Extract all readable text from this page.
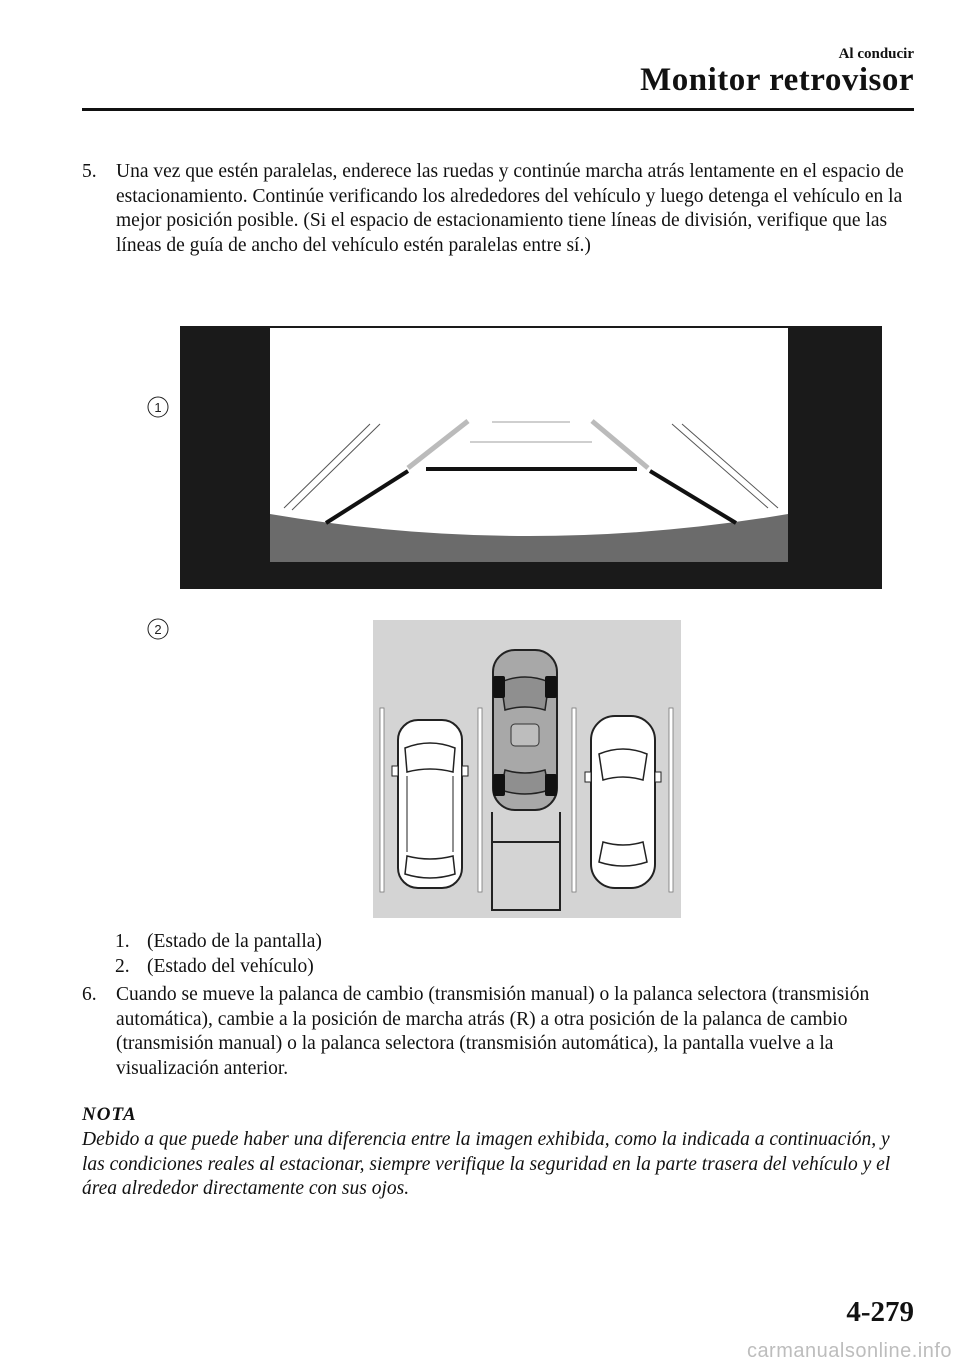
Al conducir
Monitor retrovisor
5. Una vez que estén paralelas, enderece las ruedas y continúe marcha atrás lentamente en el espacio de estacionamiento. Continúe verificando los alrededores del vehículo y luego detenga el vehículo en la mejor posición posible. (Si el espacio de estacionamiento tiene líneas de división, verifique que las líneas de guía de ancho del vehículo estén paralelas entre sí.)
1
2
1. (Estado de la pantalla)
2. (Estado del vehículo)
6. Cuando se mueve la palanca de cambio (transmisión manual) o la palanca selectora (transmisión automática), cambie a la posición de marcha atrás (R) a otra posición de la palanca de cambio (transmisión manual) o la palanca selectora (transmisión automática), la pantalla vuelve a la visualización anterior.
NOTA
Debido a que puede haber una diferencia entre la imagen exhibida, como la indicada a continuación, y las condiciones reales al estacionar, siempre verifique la seguridad en la parte trasera del vehículo y el área alrededor directamente con sus ojos.
4-279
carmanualsonline.info
